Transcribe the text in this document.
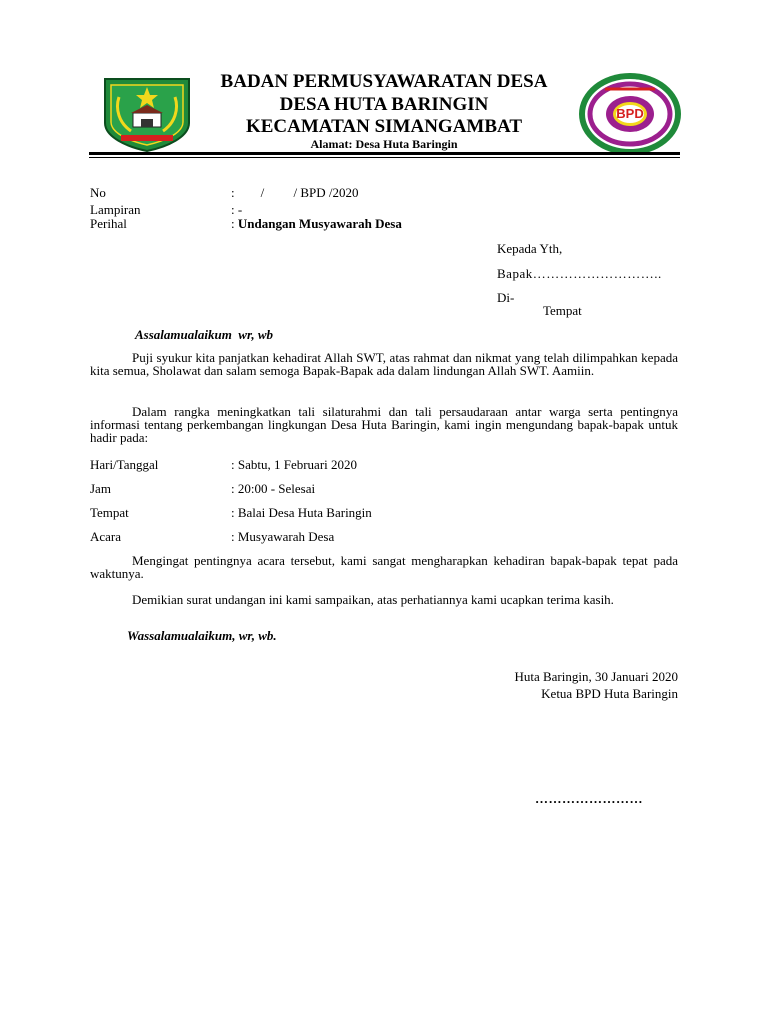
BPD
BADAN PERMUSYAWARATAN DESA
DESA HUTA BARINGIN
KECAMATAN SIMANGAMBAT
Alamat: Desa Huta Baringin
No	:        /         / BPD /2020
Lampiran	: -
Perihal	: Undangan Musyawarah Desa
Kepada Yth,
Bapak………………………..
Di-
Tempat
Assalamualaikum  wr, wb
Puji syukur kita panjatkan kehadirat Allah SWT, atas rahmat dan nikmat yang telah dilimpahkan kepada kita semua, Sholawat dan salam semoga Bapak-Bapak ada dalam lindungan Allah SWT. Aamiin.
Dalam rangka meningkatkan tali silaturahmi dan tali persaudaraan antar warga serta pentingnya informasi tentang perkembangan lingkungan Desa Huta Baringin, kami ingin mengundang bapak-bapak untuk hadir pada:
Hari/Tanggal	: Sabtu, 1 Februari 2020
Jam	: 20:00 - Selesai
Tempat	: Balai Desa Huta Baringin
Acara	: Musyawarah Desa
Mengingat pentingnya acara tersebut, kami sangat mengharapkan kehadiran bapak-bapak tepat pada waktunya.
Demikian surat undangan ini kami sampaikan, atas perhatiannya kami ucapkan terima kasih.
Wassalamualaikum, wr, wb.
Huta Baringin, 30 Januari 2020
Ketua BPD Huta Baringin
……………………
